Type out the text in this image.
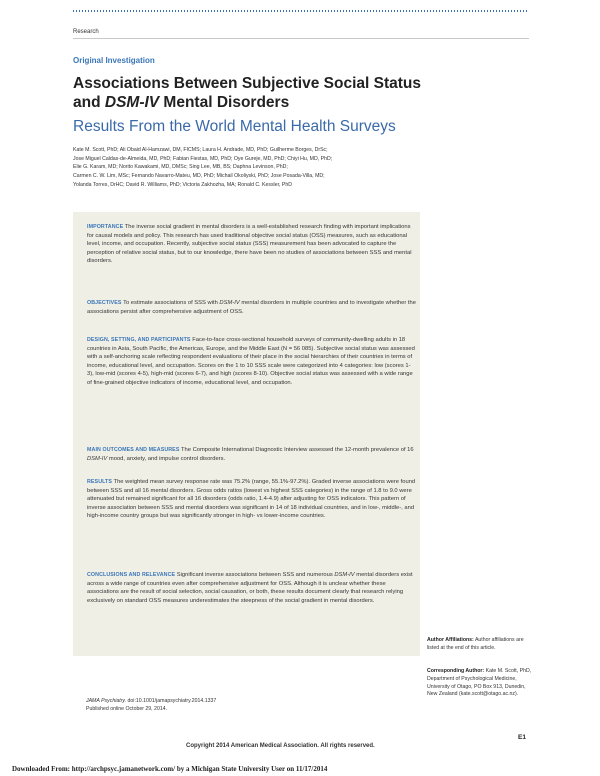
Research
Original Investigation
Associations Between Subjective Social Status
and DSM-IV Mental Disorders
Results From the World Mental Health Surveys
Kate M. Scott, PhD; Ali Obaid Al-Hamzawi, DM, FICMS; Laura H. Andrade, MD, PhD; Guilherme Borges, DrSc;
Jose Miguel Caldas-de-Almeida, MD, PhD; Fabian Fiestas, MD, PhD; Oye Gureje, MD, PhD; Chiyi Hu, MD, PhD;
Elie G. Karam, MD; Norito Kawakami, MD, DMSc; Sing Lee, MB, BS; Daphna Levinson, PhD;
Carmen C. W. Lim, MSc; Fernando Navarro-Mateu, MD, PhD; Michail Okoliyski, PhD; Jose Posada-Villa, MD;
Yolanda Torres, DrHC; David R. Williams, PhD; Victoria Zakhozha, MA; Ronald C. Kessler, PhD
IMPORTANCE The inverse social gradient in mental disorders is a well-established research finding with important implications for causal models and policy. This research has used traditional objective social status (OSS) measures, such as educational level, income, and occupation. Recently, subjective social status (SSS) measurement has been advocated to capture the perception of relative social status, but to our knowledge, there have been no studies of associations between SSS and mental disorders.
OBJECTIVES To estimate associations of SSS with DSM-IV mental disorders in multiple countries and to investigate whether the associations persist after comprehensive adjustment of OSS.
DESIGN, SETTING, AND PARTICIPANTS Face-to-face cross-sectional household surveys of community-dwelling adults in 18 countries in Asia, South Pacific, the Americas, Europe, and the Middle East (N = 56 085). Subjective social status was assessed with a self-anchoring scale reflecting respondent evaluations of their place in the social hierarchies of their countries in terms of income, educational level, and occupation. Scores on the 1 to 10 SSS scale were categorized into 4 categories: low (scores 1-3), low-mid (scores 4-5), high-mid (scores 6-7), and high (scores 8-10). Objective social status was assessed with a wide range of fine-grained objective indicators of income, educational level, and occupation.
MAIN OUTCOMES AND MEASURES The Composite International Diagnostic Interview assessed the 12-month prevalence of 16 DSM-IV mood, anxiety, and impulse control disorders.
RESULTS The weighted mean survey response rate was 75.2% (range, 55.1%-97.2%). Graded inverse associations were found between SSS and all 16 mental disorders. Gross odds ratios (lowest vs highest SSS categories) in the range of 1.8 to 9.0 were attenuated but remained significant for all 16 disorders (odds ratio, 1.4-4.9) after adjusting for OSS indicators. This pattern of inverse association between SSS and mental disorders was significant in 14 of 18 individual countries, and in low-, middle-, and high-income country groups but was significantly stronger in high- vs lower-income countries.
CONCLUSIONS AND RELEVANCE Significant inverse associations between SSS and numerous DSM-IV mental disorders exist across a wide range of countries even after comprehensive adjustment for OSS. Although it is unclear whether these associations are the result of social selection, social causation, or both, these results document clearly that research relying exclusively on standard OSS measures underestimates the steepness of the social gradient in mental disorders.
Author Affiliations: Author affiliations are listed at the end of this article.
Corresponding Author: Kate M. Scott, PhD, Department of Psychological Medicine, University of Otago, PO Box 913, Dunedin, New Zealand (kate.scott@otago.ac.nz).
JAMA Psychiatry. doi:10.1001/jamapsychiatry.2014.1337
Published online October 29, 2014.
Copyright 2014 American Medical Association. All rights reserved.
E1
Downloaded From: http://archpsyc.jamanetwork.com/ by a Michigan State University User on 11/17/2014
